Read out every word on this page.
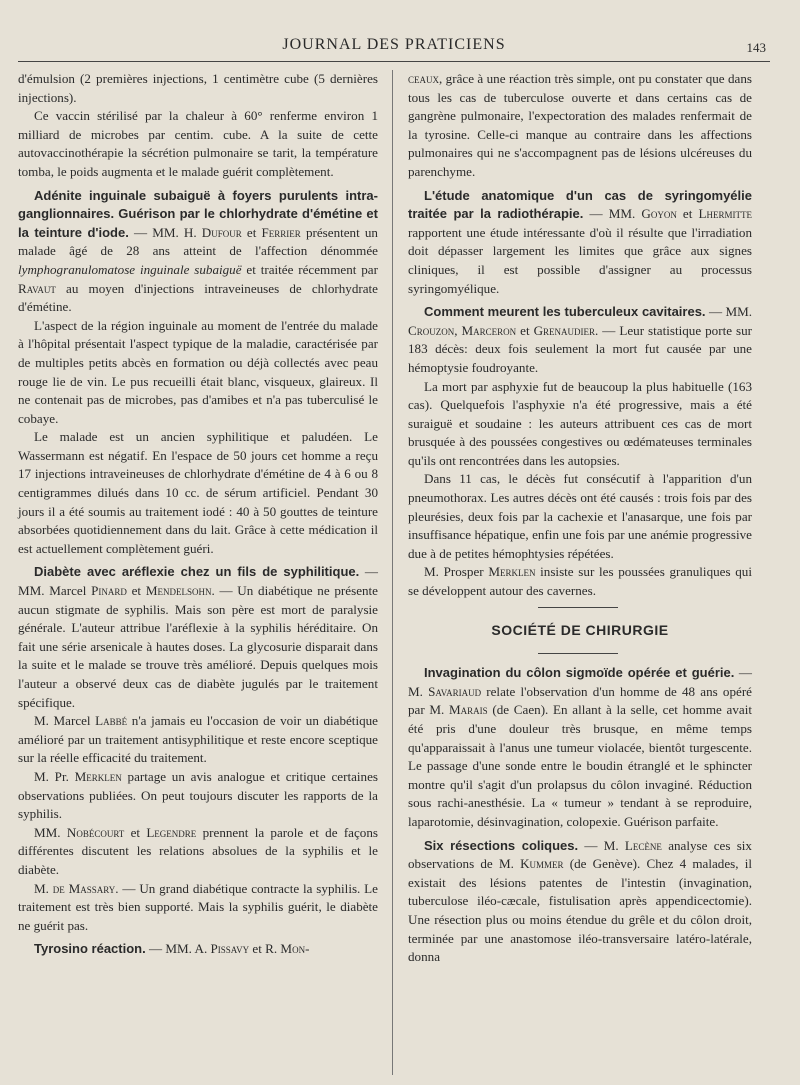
JOURNAL DES PRATICIENS	143

d'émulsion (2 premières injections, 1 centimètre cube (5 dernières injections).

Ce vaccin stérilisé par la chaleur à 60° renferme environ 1 milliard de microbes par centim. cube. A la suite de cette autovaccinothérapie la sécrétion pulmonaire se tarit, la température tomba, le poids augmenta et le malade guérit complètement.

Adénite inguinale subaiguë à foyers purulents intra-ganglionnaires. Guérison par le chlorhydrate d'émétine et la teinture d'iode. — MM. H. Dufour et Ferrier présentent un malade âgé de 28 ans atteint de l'affection dénommée lymphogranulomatose inguinale subaiguë et traitée récemment par Ravaut au moyen d'injections intraveineuses de chlorhydrate d'émétine.

L'aspect de la région inguinale au moment de l'entrée du malade à l'hôpital présentait l'aspect typique de la maladie, caractérisée par de multiples petits abcès en formation ou déjà collectés avec peau rouge lie de vin. Le pus recueilli était blanc, visqueux, glaireux. Il ne contenait pas de microbes, pas d'amibes et n'a pas tuberculisé le cobaye.

Le malade est un ancien syphilitique et paludéen. Le Wassermann est négatif. En l'espace de 50 jours cet homme a reçu 17 injections intraveineuses de chlorhydrate d'émétine de 4 à 6 ou 8 centigrammes dilués dans 10 cc. de sérum artificiel. Pendant 30 jours il a été soumis au traitement iodé : 40 à 50 gouttes de teinture absorbées quotidiennement dans du lait. Grâce à cette médication il est actuellement complètement guéri.

Diabète avec aréflexie chez un fils de syphilitique. — MM. Marcel Pinard et Mendelsohn. — Un diabétique ne présente aucun stigmate de syphilis. Mais son père est mort de paralysie générale. L'auteur attribue l'aréflexie à la syphilis héréditaire. On fait une série arsenicale à hautes doses. La glycosurie disparait dans la suite et le malade se trouve très amélioré. Depuis quelques mois l'auteur a observé deux cas de diabète jugulés par le traitement spécifique.

M. Marcel Labbé n'a jamais eu l'occasion de voir un diabétique amélioré par un traitement antisyphilitique et reste encore sceptique sur la réelle efficacité du traitement.

M. Pr. Merklen partage un avis analogue et critique certaines observations publiées. On peut toujours discuter les rapports de la syphilis.

MM. Nobécourt et Legendre prennent la parole et de façons différentes discutent les relations absolues de la syphilis et le diabète.

M. de Massary. — Un grand diabétique contracte la syphilis. Le traitement est très bien supporté. Mais la syphilis guérit, le diabète ne guérit pas.

Tyrosino réaction. — MM. A. Pissavy et R. Mon-

ceaux, grâce à une réaction très simple, ont pu constater que dans tous les cas de tuberculose ouverte et dans certains cas de gangrène pulmonaire, l'expectoration des malades renfermait de la tyrosine. Celle-ci manque au contraire dans les affections pulmonaires qui ne s'accompagnent pas de lésions ulcéreuses du parenchyme.

L'étude anatomique d'un cas de syringomyélie traitée par la radiothérapie. — MM. Goyon et Lhermitte rapportent une étude intéressante d'où il résulte que l'irradiation doit dépasser largement les limites que grâce aux signes cliniques, il est possible d'assigner au processus syringomyélique.

Comment meurent les tuberculeux cavitaires. — MM. Crouzon, Marceron et Grenaudier. — Leur statistique porte sur 183 décès: deux fois seulement la mort fut causée par une hémoptysie foudroyante.

La mort par asphyxie fut de beaucoup la plus habituelle (163 cas). Quelquefois l'asphyxie n'a été progressive, mais a été suraiguë et soudaine : les auteurs attribuent ces cas de mort brusquée à des poussées congestives ou œdémateuses terminales qu'ils ont rencontrées dans les autopsies.

Dans 11 cas, le décès fut consécutif à l'apparition d'un pneumothorax. Les autres décès ont été causés : trois fois par des pleurésies, deux fois par la cachexie et l'anasarque, une fois par insuffisance hépatique, enfin une fois par une anémie progressive due à de petites hémophtysies répétées.

M. Prosper Merklen insiste sur les poussées granuliques qui se développent autour des cavernes.

SOCIÉTÉ DE CHIRURGIE

Invagination du côlon sigmoïde opérée et guérie. — M. Savariaud relate l'observation d'un homme de 48 ans opéré par M. Marais (de Caen). En allant à la selle, cet homme avait été pris d'une douleur très brusque, en même temps qu'apparaissait à l'anus une tumeur violacée, bientôt turgescente. Le passage d'une sonde entre le boudin étranglé et le sphincter montre qu'il s'agit d'un prolapsus du côlon invaginé. Réduction sous rachi-anesthésie. La « tumeur » tendant à se reproduire, laparotomie, désinvagination, colopexie. Guérison parfaite.

Six résections coliques. — M. Lecène analyse ces six observations de M. Kummer (de Genève). Chez 4 malades, il existait des lésions patentes de l'intestin (invagination, tuberculose iléo-cæcale, fistulisation après appendicectomie). Une résection plus ou moins étendue du grêle et du côlon droit, terminée par une anastomose iléo-transversaire latéro-latérale, donna
